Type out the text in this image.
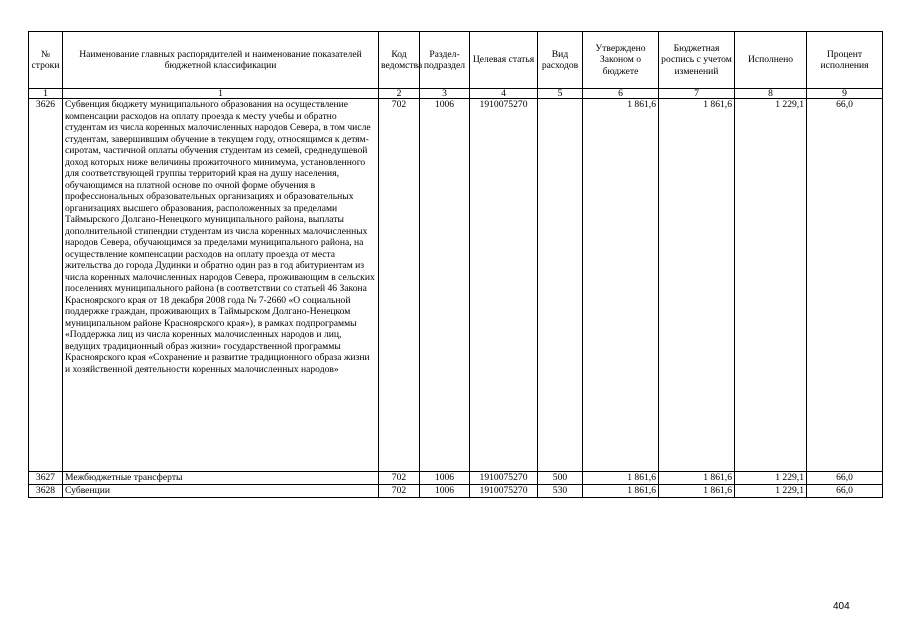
№ строки	Наименование главных распорядителей и наименование показателей бюджетной классификации	Код ведомства	Раздел-подраздел	Целевая статья	Вид расходов	Утверждено Законом о бюджете	Бюджетная роспись с учетом изменений	Исполнено	Процент исполнения
1	1	2	3	4	5	6	7	8	9
3626	Субвенция бюджету муниципального образования на осуществление компенсации расходов на оплату проезда к месту учебы и обратно студентам из числа коренных малочисленных народов Севера, в том числе студентам, завершившим обучение в текущем году, относящимся к детям-сиротам, частичной оплаты обучения студентам из семей, среднедушевой доход которых ниже величины прожиточного минимума, установленного для соответствующей группы территорий края на душу населения, обучающимся на платной основе по очной форме обучения в профессиональных образовательных организациях и образовательных организациях высшего образования, расположенных за пределами Таймырского Долгано-Ненецкого муниципального района, выплаты дополнительной стипендии студентам из числа коренных малочисленных народов Севера, обучающимся за пределами муниципального района, на осуществление компенсации расходов на оплату проезда от места жительства до города Дудинки и обратно один раз в год абитуриентам из числа коренных малочисленных народов Севера, проживающим в сельских поселениях муниципального района (в соответствии со статьей 46 Закона Красноярского края от 18 декабря 2008 года № 7-2660 «О социальной поддержке граждан, проживающих в Таймырском Долгано-Ненецком муниципальном районе Красноярского края»), в рамках подпрограммы «Поддержка лиц из числа коренных малочисленных народов и лиц, ведущих традиционный образ жизни» государственной программы Красноярского края «Сохранение и развитие традиционного образа жизни и хозяйственной деятельности коренных малочисленных народов»	702	1006	1910075270		1 861,6	1 861,6	1 229,1	66,0
3627	Межбюджетные трансферты	702	1006	1910075270	500	1 861,6	1 861,6	1 229,1	66,0
3628	Субвенции	702	1006	1910075270	530	1 861,6	1 861,6	1 229,1	66,0
404
